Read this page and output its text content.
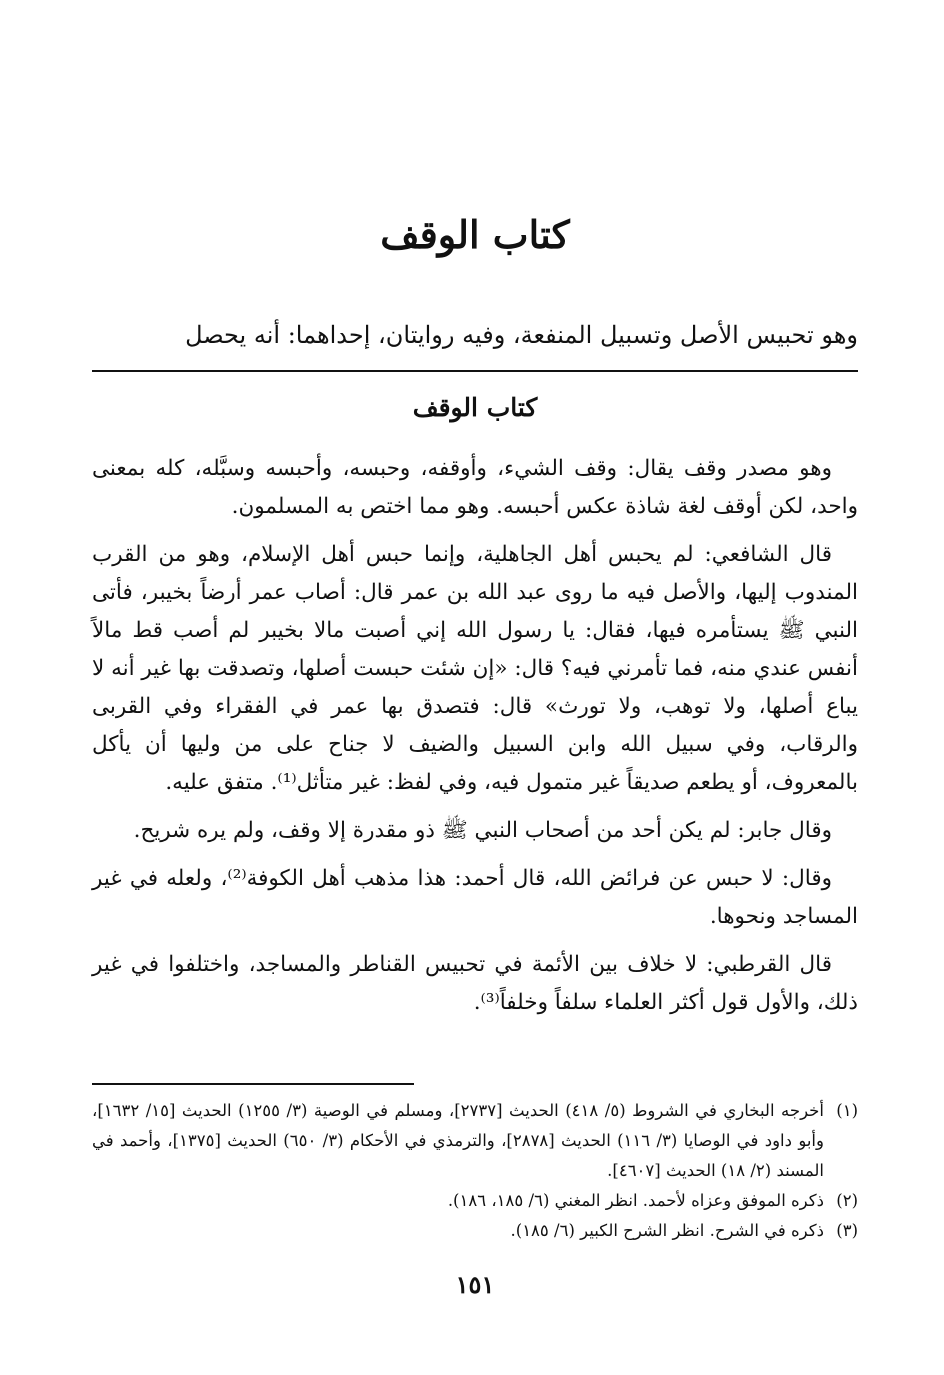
كتاب الوقف

وهو تحبيس الأصل وتسبيل المنفعة، وفيه روايتان، إحداهما: أنه يحصل

كتاب الوقف

وهو مصدر وقف يقال: وقف الشيء، وأوقفه، وحبسه، وأحبسه وسبَّله، كله بمعنى واحد، لكن أوقف لغة شاذة عكس أحبسه. وهو مما اختص به المسلمون.

قال الشافعي: لم يحبس أهل الجاهلية، وإنما حبس أهل الإسلام، وهو من القرب المندوب إليها، والأصل فيه ما روى عبد الله بن عمر قال: أصاب عمر أرضاً بخيبر، فأتى النبي ﷺ يستأمره فيها، فقال: يا رسول الله إني أصبت مالا بخيبر لم أصب قط مالاً أنفس عندي منه، فما تأمرني فيه؟ قال: «إن شئت حبست أصلها، وتصدقت بها غير أنه لا يباع أصلها، ولا توهب، ولا تورث» قال: فتصدق بها عمر في الفقراء وفي القربى والرقاب، وفي سبيل الله وابن السبيل والضيف لا جناح على من وليها أن يأكل بالمعروف، أو يطعم صديقاً غير متمول فيه، وفي لفظ: غير متأثل⁽¹⁾. متفق عليه.

وقال جابر: لم يكن أحد من أصحاب النبي ﷺ ذو مقدرة إلا وقف، ولم يره شريح.

وقال: لا حبس عن فرائض الله، قال أحمد: هذا مذهب أهل الكوفة⁽²⁾، ولعله في غير المساجد ونحوها.

قال القرطبي: لا خلاف بين الأئمة في تحبيس القناطر والمساجد، واختلفوا في غير ذلك، والأول قول أكثر العلماء سلفاً وخلفاً⁽³⁾.

(١)
أخرجه البخاري في الشروط (٥/ ٤١٨) الحديث [٢٧٣٧]، ومسلم في الوصية (٣/ ١٢٥٥) الحديث [١٥/ ١٦٣٢]، وأبو داود في الوصايا (٣/ ١١٦) الحديث [٢٨٧٨]، والترمذي في الأحكام (٣/ ٦٥٠) الحديث [١٣٧٥]، وأحمد في المسند (٢/ ١٨) الحديث [٤٦٠٧].
(٢)
ذكره الموفق وعزاه لأحمد. انظر المغني (٦/ ١٨٥، ١٨٦).
(٣)
ذكره في الشرح. انظر الشرح الكبير (٦/ ١٨٥).
١٥١
